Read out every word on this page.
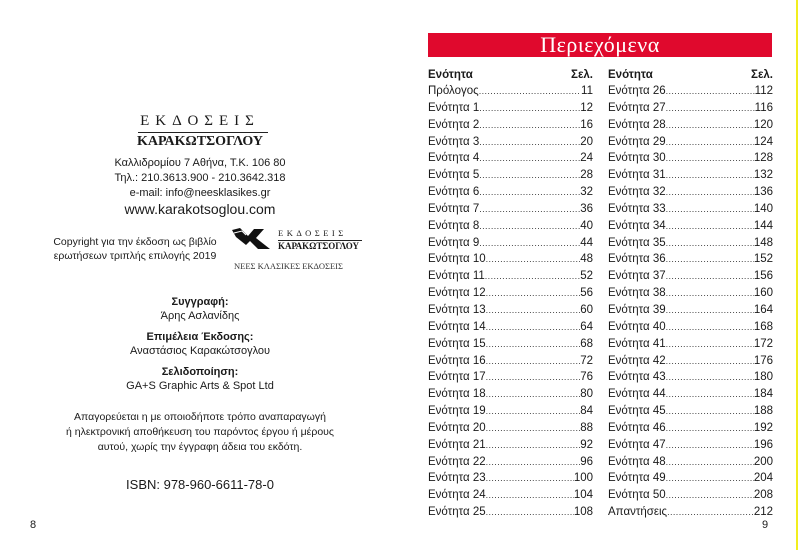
ΕΚΔΟΣΕΙΣ
ΚΑΡΑΚΩΤΣΟΓΛΟΥ
Καλλιδρομίου 7 Αθήνα, Τ.Κ. 106 80
Τηλ.: 210.3613.900 - 210.3642.318
e-mail: info@neesklasikes.gr
www.karakotsoglou.com
Copyright για την έκδοση ως βιβλίο
ερωτήσεων τριπλής επιλογής 2019
ΕΚΔΟΣΕΙΣ
ΚΑΡΑΚΩΤΣΟΓΛΟΥ
ΝΕΕΣ ΚΛΑΣΙΚΕΣ ΕΚΔΟΣΕΙΣ
Συγγραφή:
Άρης Ασλανίδης
Επιμέλεια Έκδοσης:
Αναστάσιος Καρακώτσογλου
Σελιδοποίηση:
GA+S Graphic Arts & Spot Ltd
Απαγορεύεται η με οποιοδήποτε τρόπο αναπαραγωγή
ή ηλεκτρονική αποθήκευση του παρόντος έργου ή μέρους
αυτού, χωρίς την έγγραφη άδεια του εκδότη.
ISBN: 978-960-6611-78-0
8
Περιεχόμενα
Ενότητα	Σελ.
Πρόλογος .....	11
Ενότητα 1 .....	12
Ενότητα 2 .....	16
Ενότητα 3 .....	20
Ενότητα 4 .....	24
Ενότητα 5 .....	28
Ενότητα 6 .....	32
Ενότητα 7 .....	36
Ενότητα 8 .....	40
Ενότητα 9 .....	44
Ενότητα 10 .....	48
Ενότητα 11 .....	52
Ενότητα 12 .....	56
Ενότητα 13 .....	60
Ενότητα 14 .....	64
Ενότητα 15 .....	68
Ενότητα 16 .....	72
Ενότητα 17 .....	76
Ενότητα 18 .....	80
Ενότητα 19 .....	84
Ενότητα 20 .....	88
Ενότητα 21 .....	92
Ενότητα 22 .....	96
Ενότητα 23 .....	100
Ενότητα 24 .....	104
Ενότητα 25 .....	108
Ενότητα	Σελ.
Ενότητα 26 .....	112
Ενότητα 27 .....	116
Ενότητα 28 .....	120
Ενότητα 29 .....	124
Ενότητα 30 .....	128
Ενότητα 31 .....	132
Ενότητα 32 .....	136
Ενότητα 33 .....	140
Ενότητα 34 .....	144
Ενότητα 35 .....	148
Ενότητα 36 .....	152
Ενότητα 37 .....	156
Ενότητα 38 .....	160
Ενότητα 39 .....	164
Ενότητα 40 .....	168
Ενότητα 41 .....	172
Ενότητα 42 .....	176
Ενότητα 43 .....	180
Ενότητα 44 .....	184
Ενότητα 45 .....	188
Ενότητα 46 .....	192
Ενότητα 47 .....	196
Ενότητα 48 .....	200
Ενότητα 49 .....	204
Ενότητα 50 .....	208
Απαντήσεις .....	212
9
